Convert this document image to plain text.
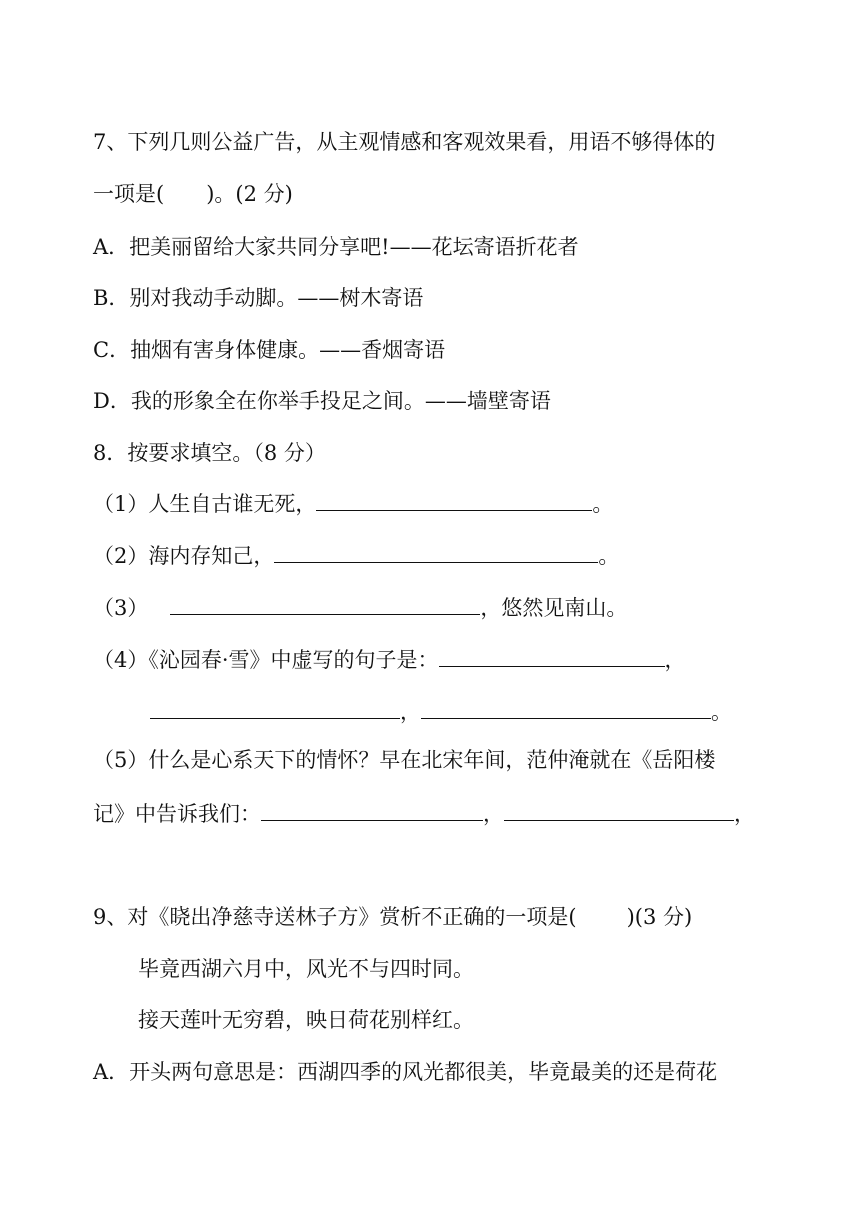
7、下列几则公益广告，从主观情感和客观效果看，用语不够得体的
一项是( )。(2 分)
A．把美丽留给大家共同分享吧!——花坛寄语折花者
B．别对我动手动脚。——树木寄语
C．抽烟有害身体健康。——香烟寄语
D．我的形象全在你举手投足之间。——墙壁寄语
8．按要求填空。（8 分）
（1）人生自古谁无死，	。
（2）海内存知己，	。
（3）	，悠然见南山。
（4）《沁园春·雪》中虚写的句子是：	，
，	。
（5）什么是心系天下的情怀？早在北宋年间，范仲淹就在《岳阳楼
记》中告诉我们：	，	，
9、对《晓出净慈寺送林子方》赏析不正确的一项是( )(3 分)
毕竟西湖六月中，风光不与四时同。
接天莲叶无穷碧，映日荷花别样红。
A．开头两句意思是：西湖四季的风光都很美，毕竟最美的还是荷花
